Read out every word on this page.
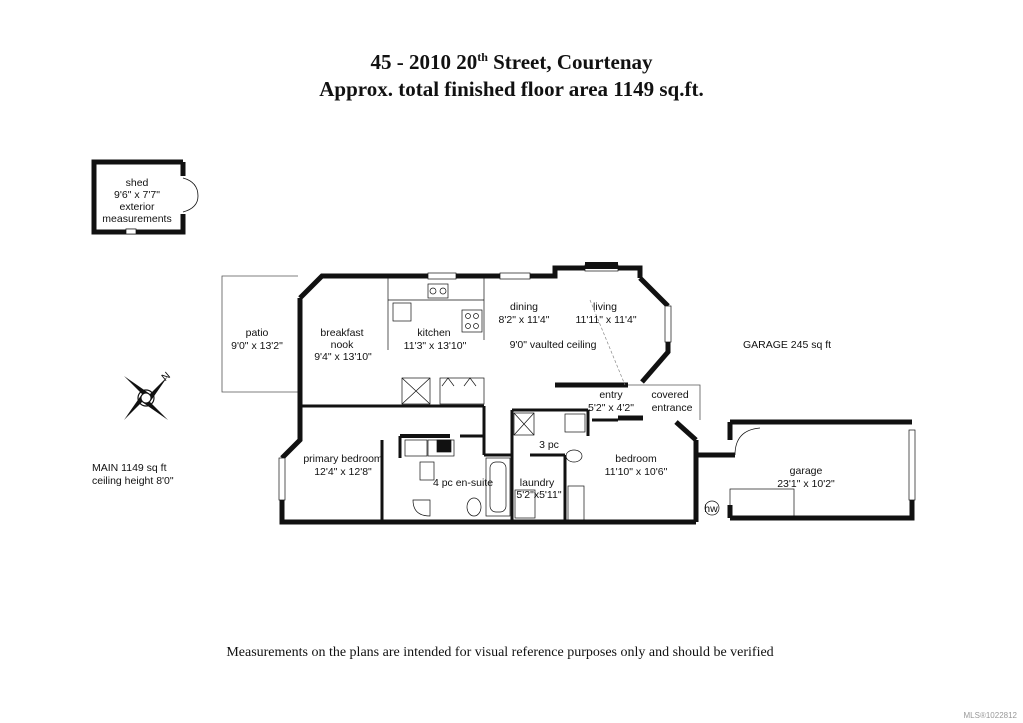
45 - 2010 20th Street, Courtenay
Approx. total finished floor area 1149 sq.ft.
N
shed
9'6" x 7'7"
exterior
measurements
patio
9'0" x 13'2"
breakfast
nook
9'4" x 13'10"
kitchen
11'3" x 13'10"
dining
8'2" x 11'4"
living
11'11" x 11'4"
9'0" vaulted ceiling	GARAGE 245 sq ft
entry
5'2" x 4'2"
covered
entrance
primary bedroom
12'4" x 12'8"
4 pc en-suite
3 pc
laundry
5'2"x5'11"
bedroom
11'10" x 10'6"	garage
23'1" x 10'2"
hw
MAIN 1149 sq ft
ceiling height 8'0"
Measurements on the plans are intended for visual reference purposes only and should be verified
MLS®1022812
